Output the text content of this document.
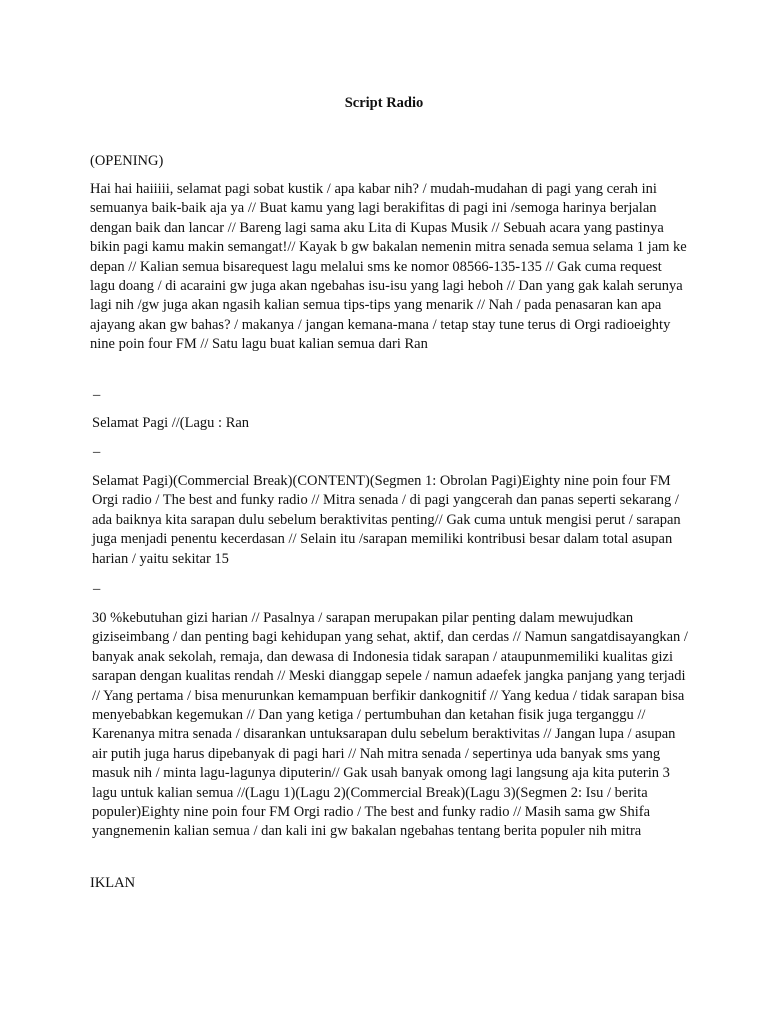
Script Radio
(OPENING)

Hai hai haiiiii, selamat pagi sobat kustik / apa kabar nih? / mudah-mudahan di pagi yang cerah ini semuanya baik-baik aja ya // Buat kamu yang lagi berakifitas di pagi ini /semoga harinya berjalan dengan baik dan lancar // Bareng lagi sama aku Lita di Kupas Musik // Sebuah acara yang pastinya bikin pagi kamu makin semangat!// Kayak b gw bakalan nemenin mitra senada semua selama 1 jam ke depan // Kalian semua bisarequest lagu melalui sms ke nomor 08566-135-135 // Gak cuma request lagu doang / di acaraini gw juga akan ngebahas isu-isu yang lagi heboh // Dan yang gak kalah serunya lagi nih /gw juga akan ngasih kalian semua tips-tips yang menarik // Nah / pada penasaran kan apa ajayang akan gw bahas? / makanya / jangan kemana-mana / tetap stay tune terus di Orgi radioeighty nine poin four FM // Satu lagu buat kalian semua dari Ran

–

Selamat Pagi //(Lagu : Ran

–

Selamat Pagi)(Commercial Break)(CONTENT)(Segmen 1: Obrolan Pagi)Eighty nine poin four FM Orgi radio / The best and funky radio // Mitra senada / di pagi yangcerah dan panas seperti sekarang / ada baiknya kita sarapan dulu sebelum beraktivitas penting// Gak cuma untuk mengisi perut / sarapan juga menjadi penentu kecerdasan // Selain itu /sarapan memiliki kontribusi besar dalam total asupan harian / yaitu sekitar 15

–

30 %kebutuhan gizi harian // Pasalnya / sarapan merupakan pilar penting dalam mewujudkan giziseimbang / dan penting bagi kehidupan yang sehat, aktif, dan cerdas // Namun sangatdisayangkan / banyak anak sekolah, remaja, dan dewasa di Indonesia tidak sarapan / ataupunmemiliki kualitas gizi sarapan dengan kualitas rendah // Meski dianggap sepele / namun adaefek jangka panjang yang terjadi // Yang pertama / bisa menurunkan kemampuan berfikir dankognitif // Yang kedua / tidak sarapan bisa menyebabkan kegemukan // Dan yang ketiga / pertumbuhan dan ketahan fisik juga terganggu // Karenanya mitra senada / disarankan untuksarapan dulu sebelum beraktivitas // Jangan lupa / asupan air putih juga harus dipebanyak di pagi hari // Nah mitra senada / sepertinya uda banyak sms yang masuk nih / minta lagu-lagunya diputerin// Gak usah banyak omong lagi langsung aja kita puterin 3 lagu untuk kalian semua //(Lagu 1)(Lagu 2)(Commercial Break)(Lagu 3)(Segmen 2: Isu / berita populer)Eighty nine poin four FM Orgi radio / The best and funky radio // Masih sama gw Shifa yangnemenin kalian semua / dan kali ini gw bakalan ngebahas tentang berita populer nih mitra

IKLAN
